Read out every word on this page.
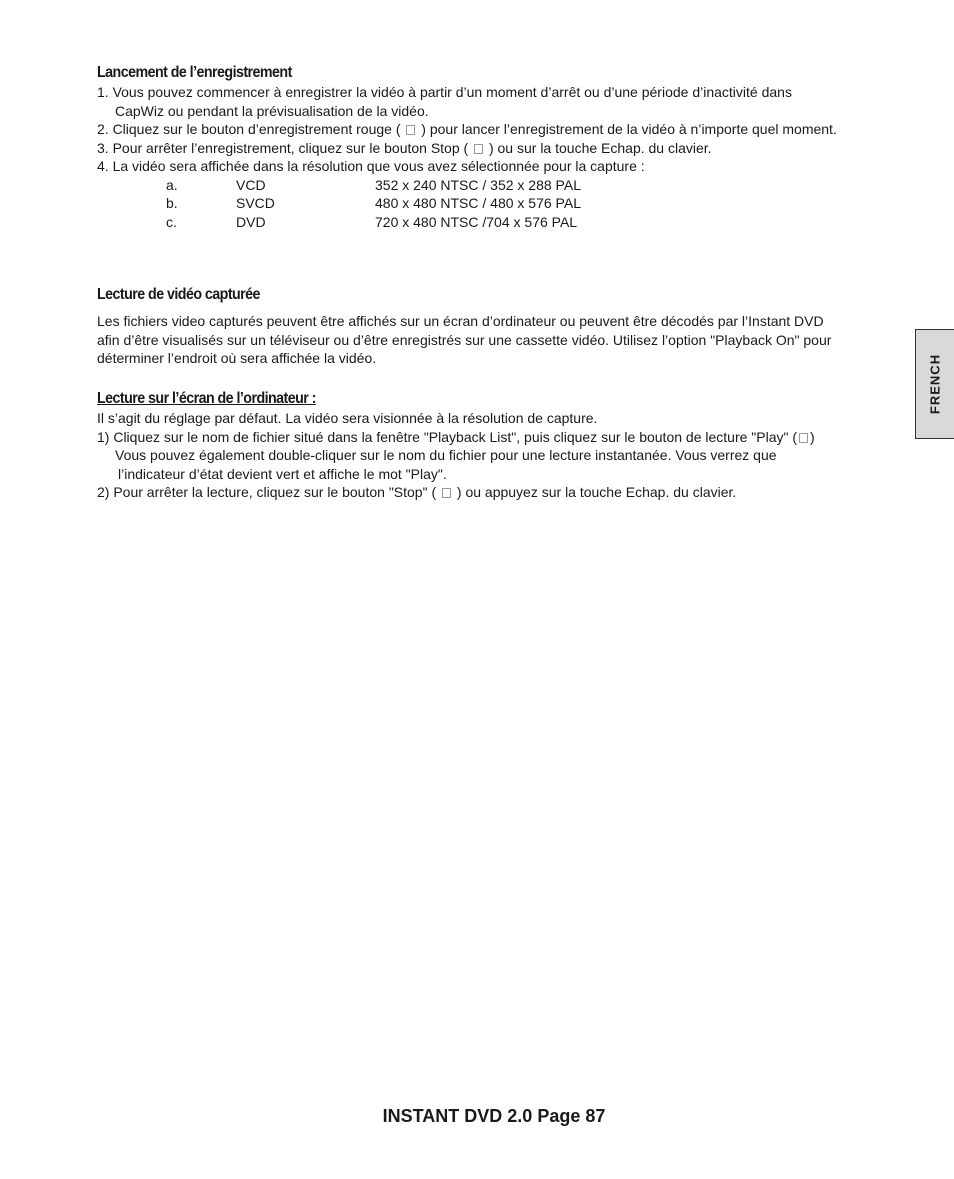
Lancement de l’enregistrement

1. Vous pouvez commencer à enregistrer la vidéo à partir d’un moment d’arrêt ou d’une période d’inactivité dans

CapWiz ou pendant la prévisualisation de la vidéo.

2. Cliquez sur le bouton d’enregistrement rouge ( ) pour lancer l’enregistrement de la vidéo à n’importe quel moment.

3. Pour arrêter l’enregistrement, cliquez sur le bouton Stop ( ) ou sur la touche Echap. du clavier.

4. La vidéo sera affichée dans la résolution que vous avez sélectionnée pour la capture :

a.	VCD	352 x 240 NTSC / 352 x 288 PAL
b.	SVCD	480 x 480 NTSC / 480 x 576 PAL
c.	DVD	720 x 480 NTSC /704 x 576 PAL
Lecture de vidéo capturée

Les fichiers video capturés peuvent être affichés sur un écran d’ordinateur ou peuvent être décodés par l’Instant DVD

afin d’être visualisés sur un téléviseur ou d’être enregistrés sur une cassette vidéo. Utilisez l’option "Playback On" pour

déterminer l’endroit où sera affichée la vidéo.

Lecture sur l’écran de l’ordinateur :

Il s’agit du réglage par défaut. La vidéo sera visionnée à la résolution de capture.

1) Cliquez sur le nom de fichier situé dans la fenêtre "Playback List", puis cliquez sur le bouton de lecture "Play" ( )

Vous pouvez également double-cliquer sur le nom du fichier pour une lecture instantanée. Vous verrez que

l’indicateur d’état devient vert et affiche le mot "Play".

2) Pour arrêter la lecture, cliquez sur le bouton "Stop" ( ) ou appuyez sur la touche Echap. du clavier.

FRENCH
INSTANT DVD 2.0 Page 87
